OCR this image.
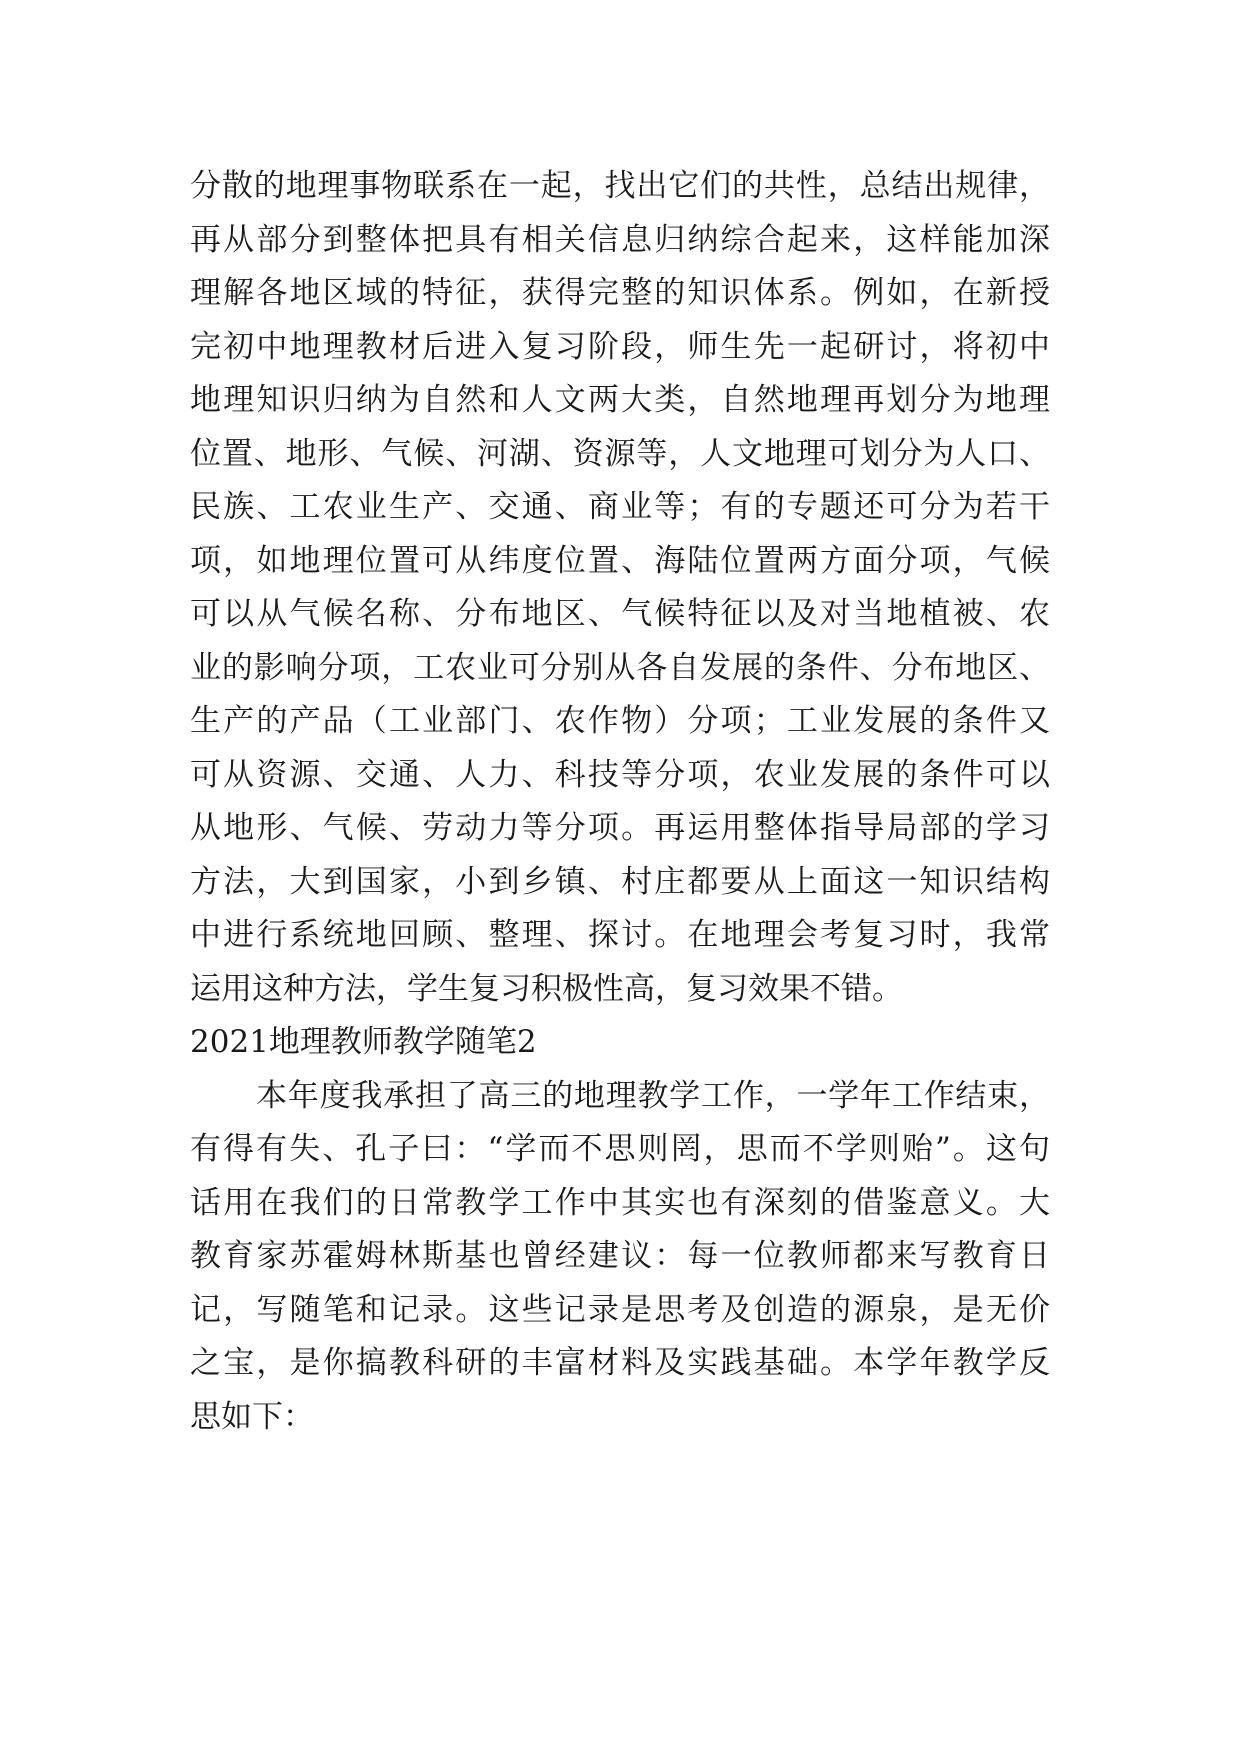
分散的地理事物联系在一起，找出它们的共性，总结出规律，
再从部分到整体把具有相关信息归纳综合起来，这样能加深
理解各地区域的特征，获得完整的知识体系。例如，在新授
完初中地理教材后进入复习阶段，师生先一起研讨，将初中
地理知识归纳为自然和人文两大类，自然地理再划分为地理
位置、地形、气候、河湖、资源等，人文地理可划分为人口、
民族、工农业生产、交通、商业等；有的专题还可分为若干
项，如地理位置可从纬度位置、海陆位置两方面分项，气候
可以从气候名称、分布地区、气候特征以及对当地植被、农
业的影响分项，工农业可分别从各自发展的条件、分布地区、
生产的产品（工业部门、农作物）分项；工业发展的条件又
可从资源、交通、人力、科技等分项，农业发展的条件可以
从地形、气候、劳动力等分项。再运用整体指导局部的学习
方法，大到国家，小到乡镇、村庄都要从上面这一知识结构
中进行系统地回顾、整理、探讨。在地理会考复习时，我常
运用这种方法，学生复习积极性高，复习效果不错。
2021地理教师教学随笔2
本年度我承担了高三的地理教学工作，一学年工作结束，
有得有失、孔子曰：“学而不思则罔，思而不学则贻”。这句
话用在我们的日常教学工作中其实也有深刻的借鉴意义。大
教育家苏霍姆林斯基也曾经建议：每一位教师都来写教育日
记，写随笔和记录。这些记录是思考及创造的源泉，是无价
之宝，是你搞教科研的丰富材料及实践基础。本学年教学反
思如下：
